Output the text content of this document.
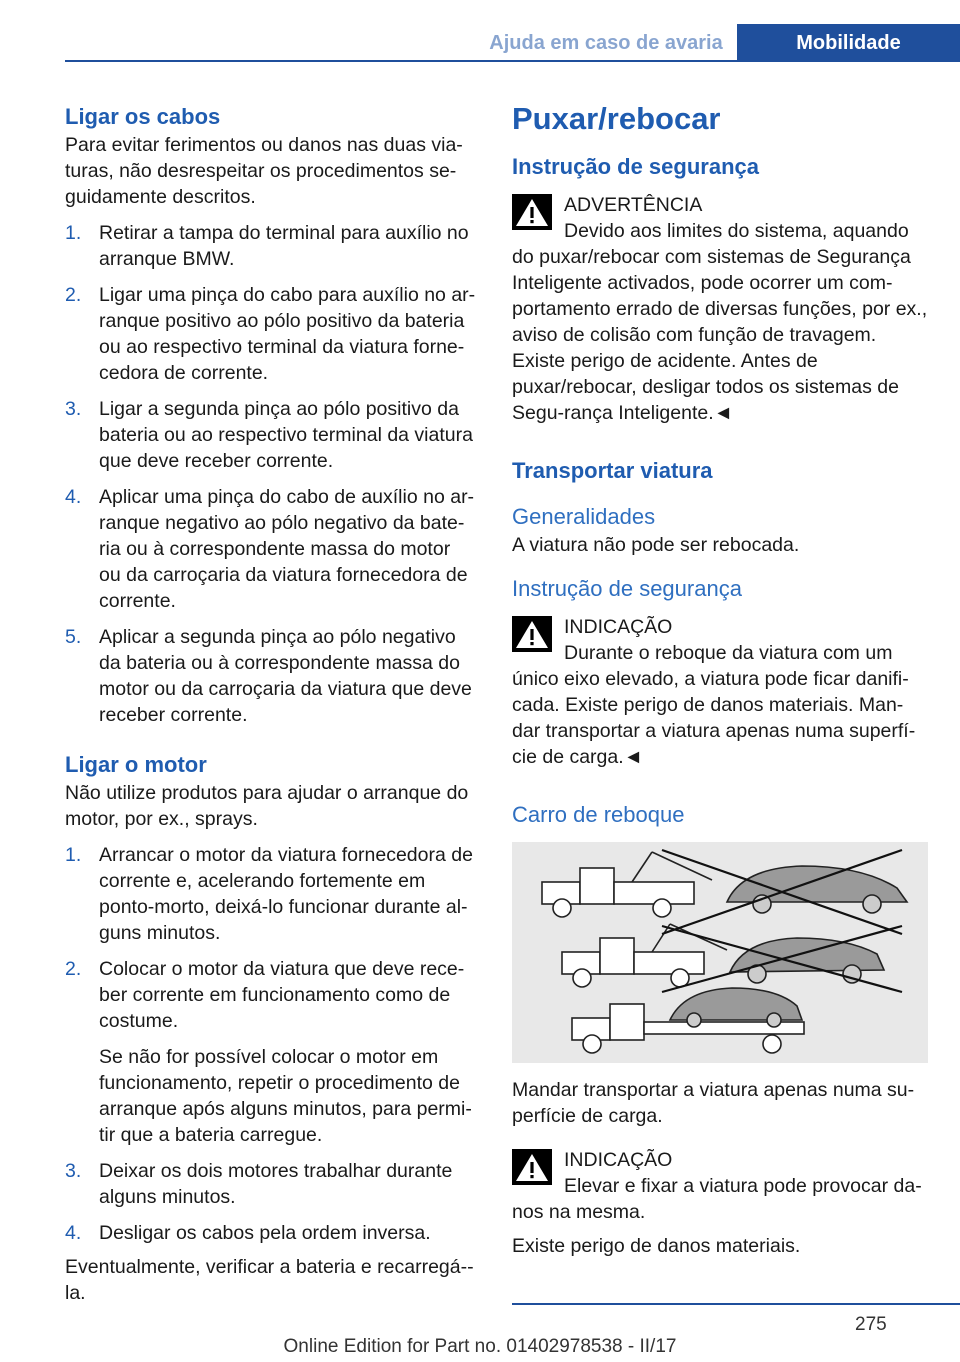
Ajuda em caso de avaria	Mobilidade
Ligar os cabos

Para evitar ferimentos ou danos nas duas via-turas, não desrespeitar os procedimentos se-guidamente descritos.

1. Retirar a tampa do terminal para auxílio no arranque BMW.
2. Ligar uma pinça do cabo para auxílio no ar-ranque positivo ao pólo positivo da bateria ou ao respectivo terminal da viatura forne-cedora de corrente.
3. Ligar a segunda pinça ao pólo positivo da bateria ou ao respectivo terminal da viatura que deve receber corrente.
4. Aplicar uma pinça do cabo de auxílio no ar-ranque negativo ao pólo negativo da bate-ria ou à correspondente massa do motor ou da carroçaria da viatura fornecedora de corrente.
5. Aplicar a segunda pinça ao pólo negativo da bateria ou à correspondente massa do motor ou da carroçaria da viatura que deve receber corrente.
Ligar o motor

Não utilize produtos para ajudar o arranque do motor, por ex., sprays.

1. Arrancar o motor da viatura fornecedora de corrente e, acelerando fortemente em ponto-morto, deixá-lo funcionar durante al-guns minutos.
2. Colocar o motor da viatura que deve rece-ber corrente em funcionamento como de costume.
Se não for possível colocar o motor em funcionamento, repetir o procedimento de arranque após alguns minutos, para permi-tir que a bateria carregue.
3. Deixar os dois motores trabalhar durante alguns minutos.
4. Desligar os cabos pela ordem inversa.

Eventualmente, verificar a bateria e recarregá--la.

Puxar/rebocar
Instrução de segurança

ADVERTÊNCIA

Devido aos limites do sistema, aquando do puxar/rebocar com sistemas de Segurança Inteligente activados, pode ocorrer um com-portamento errado de diversas funções, por ex., aviso de colisão com função de travagem. Existe perigo de acidente. Antes de puxar/rebocar, desligar todos os sistemas de Segu-rança Inteligente.◄

Transportar viatura
Generalidades

A viatura não pode ser rebocada.

Instrução de segurança

INDICAÇÃO

Durante o reboque da viatura com um único eixo elevado, a viatura pode ficar danifi-cada. Existe perigo de danos materiais. Man-dar transportar a viatura apenas numa superfí-cie de carga.◄

Carro de reboque

Mandar transportar a viatura apenas numa su-perfície de carga.

INDICAÇÃO

Elevar e fixar a viatura pode provocar da-nos na mesma.

Existe perigo de danos materiais.

275
Online Edition for Part no. 01402978538 - II/17
